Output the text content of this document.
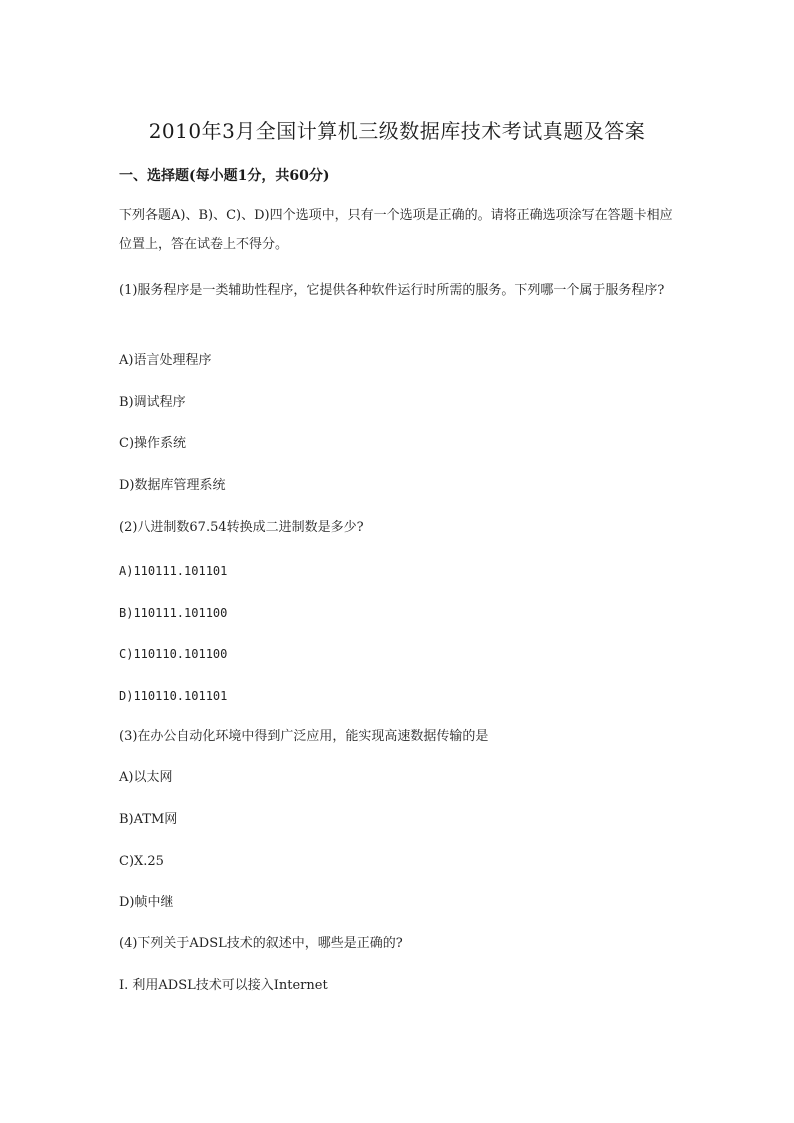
2010年3月全国计算机三级数据库技术考试真题及答案
一、选择题(每小题1分，共60分)

下列各题A)、B)、C)、D)四个选项中，只有一个选项是正确的。请将正确选项涂写在答题卡相应位置上，答在试卷上不得分。

(1)服务程序是一类辅助性程序，它提供各种软件运行时所需的服务。下列哪一个属于服务程序?

A)语言处理程序
B)调试程序
C)操作系统
D)数据库管理系统
(2)八进制数67.54转换成二进制数是多少?
A)110111.101101
B)110111.101100
C)110110.101100
D)110110.101101
(3)在办公自动化环境中得到广泛应用，能实现高速数据传输的是
A)以太网
B)ATM网
C)X.25
D)帧中继
(4)下列关于ADSL技术的叙述中，哪些是正确的?
Ⅰ. 利用ADSL技术可以接入Internet
